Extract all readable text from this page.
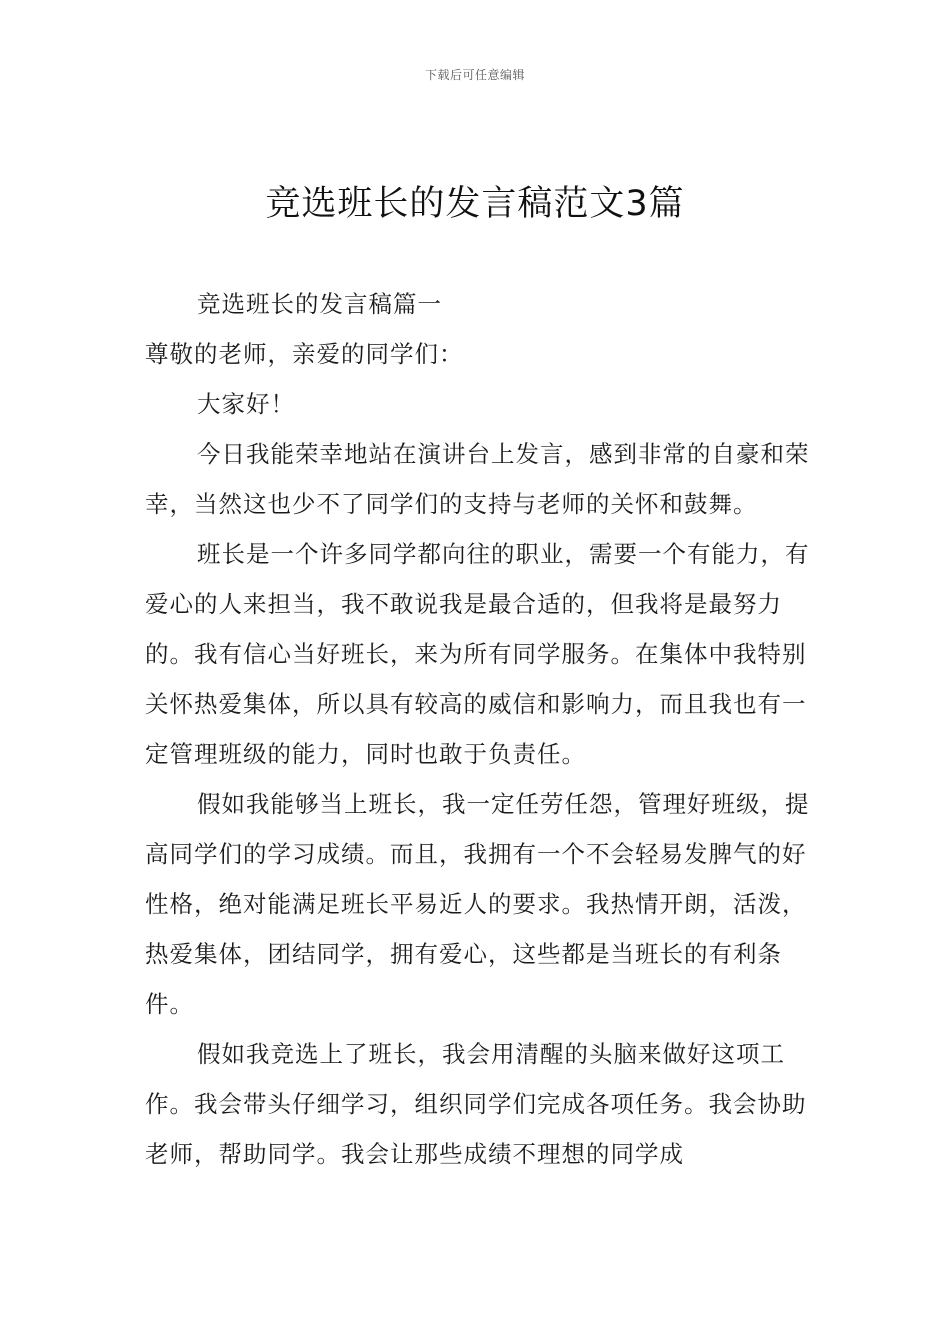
下载后可任意编辑
竞选班长的发言稿范文3篇

竞选班长的发言稿篇一

尊敬的老师，亲爱的同学们：

大家好！

今日我能荣幸地站在演讲台上发言，感到非常的自豪和荣幸，当然这也少不了同学们的支持与老师的关怀和鼓舞。

班长是一个许多同学都向往的职业，需要一个有能力，有爱心的人来担当，我不敢说我是最合适的，但我将是最努力的。我有信心当好班长，来为所有同学服务。在集体中我特别关怀热爱集体，所以具有较高的威信和影响力，而且我也有一定管理班级的能力，同时也敢于负责任。

假如我能够当上班长，我一定任劳任怨，管理好班级，提高同学们的学习成绩。而且，我拥有一个不会轻易发脾气的好性格，绝对能满足班长平易近人的要求。我热情开朗，活泼，热爱集体，团结同学，拥有爱心，这些都是当班长的有利条件。

假如我竞选上了班长，我会用清醒的头脑来做好这项工作。我会带头仔细学习，组织同学们完成各项任务。我会协助老师，帮助同学。我会让那些成绩不理想的同学成
